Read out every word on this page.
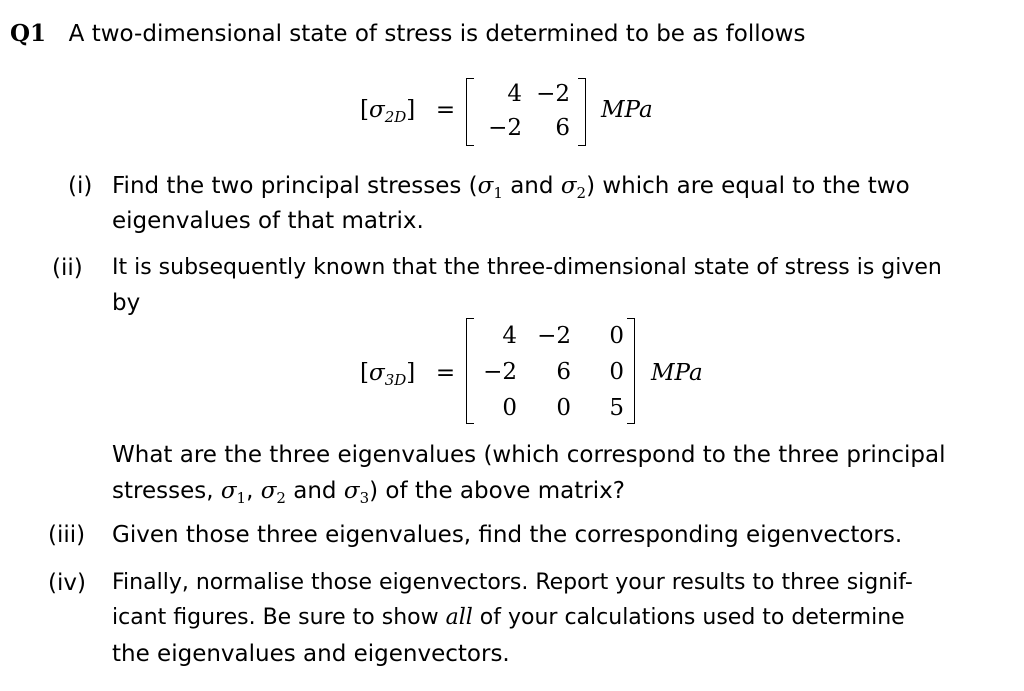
Q1 A two-dimensional state of stress is determined to be as follows
$[\sigma_{2D}]$ =
4 −2
−2	6
MPa
(i) Find the two principal stresses ($\sigma_1$ and $\sigma_2$) which are equal to the two
eigenvalues of that matrix.
(ii) It is subsequently known that the three-dimensional state of stress is given
by
$[\sigma_{3D}]$ =
4 −2	0
−2	6	0
0	0	5
MPa
What are the three eigenvalues (which correspond to the three principal
stresses, $\sigma_1$, $\sigma_2$ and $\sigma_3$) of the above matrix?
(iii) Given those three eigenvalues, find the corresponding eigenvectors.
(iv) Finally, normalise those eigenvectors. Report your results to three signif-
icant figures. Be sure to show all of your calculations used to determine
the eigenvalues and eigenvectors.
